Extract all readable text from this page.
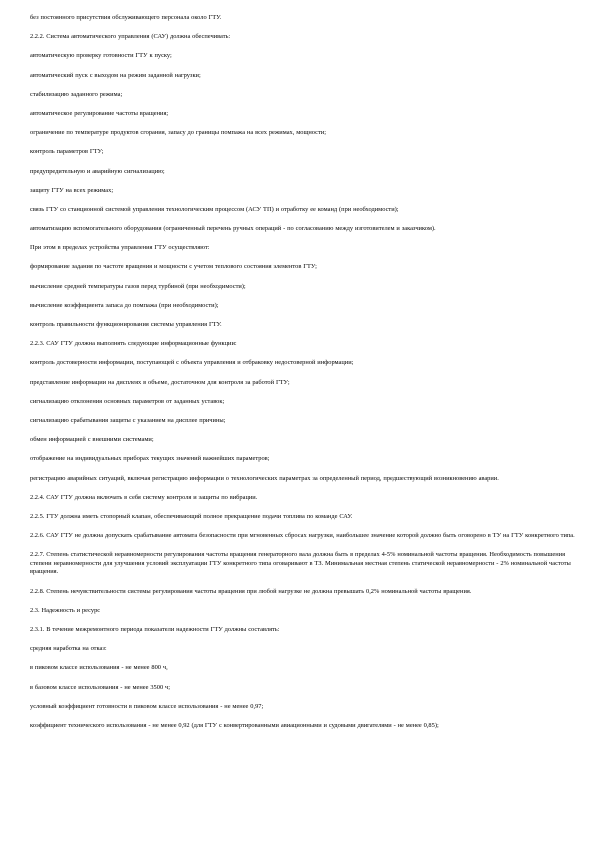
без постоянного присутствия обслуживающего персонала около ГТУ.

2.2.2. Система автоматического управления (САУ) должна обеспечивать:

автоматическую проверку готовности ГТУ к пуску;

автоматический пуск с выходом на режим заданной нагрузки;

стабилизацию заданного режима;

автоматическое регулирование частоты вращения;

ограничение по температуре продуктов сгорания, запасу до границы помпажа на всех режимах, мощности;

контроль параметров ГТУ;

предупредительную и аварийную сигнализацию;

защиту ГТУ на всех режимах;

связь ГТУ со станционной системой управления технологическим процессом (АСУ ТП) и отработку ее команд (при необходимости);

автоматизацию вспомогательного оборудования (ограниченный перечень ручных операций - по согласованию между изготовителем и заказчиком).

При этом в пределах устройства управления ГТУ осуществляют:

формирование задания по частоте вращения и мощности с учетом теплового состояния элементов ГТУ;

вычисление средней температуры газов перед турбиной (при необходимости);

вычисление коэффициента запаса до помпажа (при необходимости);

контроль правильности функционирования системы управления ГТУ.

2.2.3. САУ ГТУ должна выполнять следующие информационные функции:

контроль достоверности информации, поступающей с объекта управления и отбраковку недостоверной информации;

представление информации на дисплеях в объеме, достаточном для контроля за работой ГТУ;

сигнализацию отклонения основных параметров от заданных уставок;

сигнализацию срабатывания защиты с указанием на дисплее причины;

обмен информацией с внешними системами;

отображение на индивидуальных приборах текущих значений важнейших параметров;

регистрацию аварийных ситуаций, включая регистрацию информации о технологических параметрах за определенный период, предшествующий возникновению аварии.

2.2.4. САУ ГТУ должна включать в себя систему контроля и защиты по вибрации.

2.2.5. ГТУ должна иметь стопорный клапан, обеспечивающий полное прекращение подачи топлива по команде САУ.

2.2.6. САУ ГТУ не должна допускать срабатывание автомата безопасности при мгновенных сбросах нагрузки, наибольшее значение которой должно быть оговорено в ТУ на ГТУ конкретного типа.

2.2.7. Степень статистической неравномерности регулирования частоты вращения генераторного вала должна быть в пределах 4-5% номинальной частоты вращения. Необходимость повышения степени неравномерности для улучшения условий эксплуатации ГТУ конкретного типа оговаривают в ТЗ. Минимальная местная степень статической неравномерности - 2% номинальной частоты вращения.

2.2.8. Степень нечувствительности системы регулирования частоты вращения при любой нагрузке не должна превышать 0,2% номинальной частоты вращения.

2.3. Надежность и ресурс

2.3.1. В течение межремонтного периода показатели надежности ГТУ должны составлять:

средняя наработка на отказ:

в пиковом классе использования - не менее 800 ч,

в базовом классе использования - не менее 3500 ч;

условный коэффициент готовности в пиковом классе использования - не менее 0,97;

коэффициент технического использования - не менее 0,92 (для ГТУ с конвертированными авиационными и судовыми двигателями - не менее 0,85);
